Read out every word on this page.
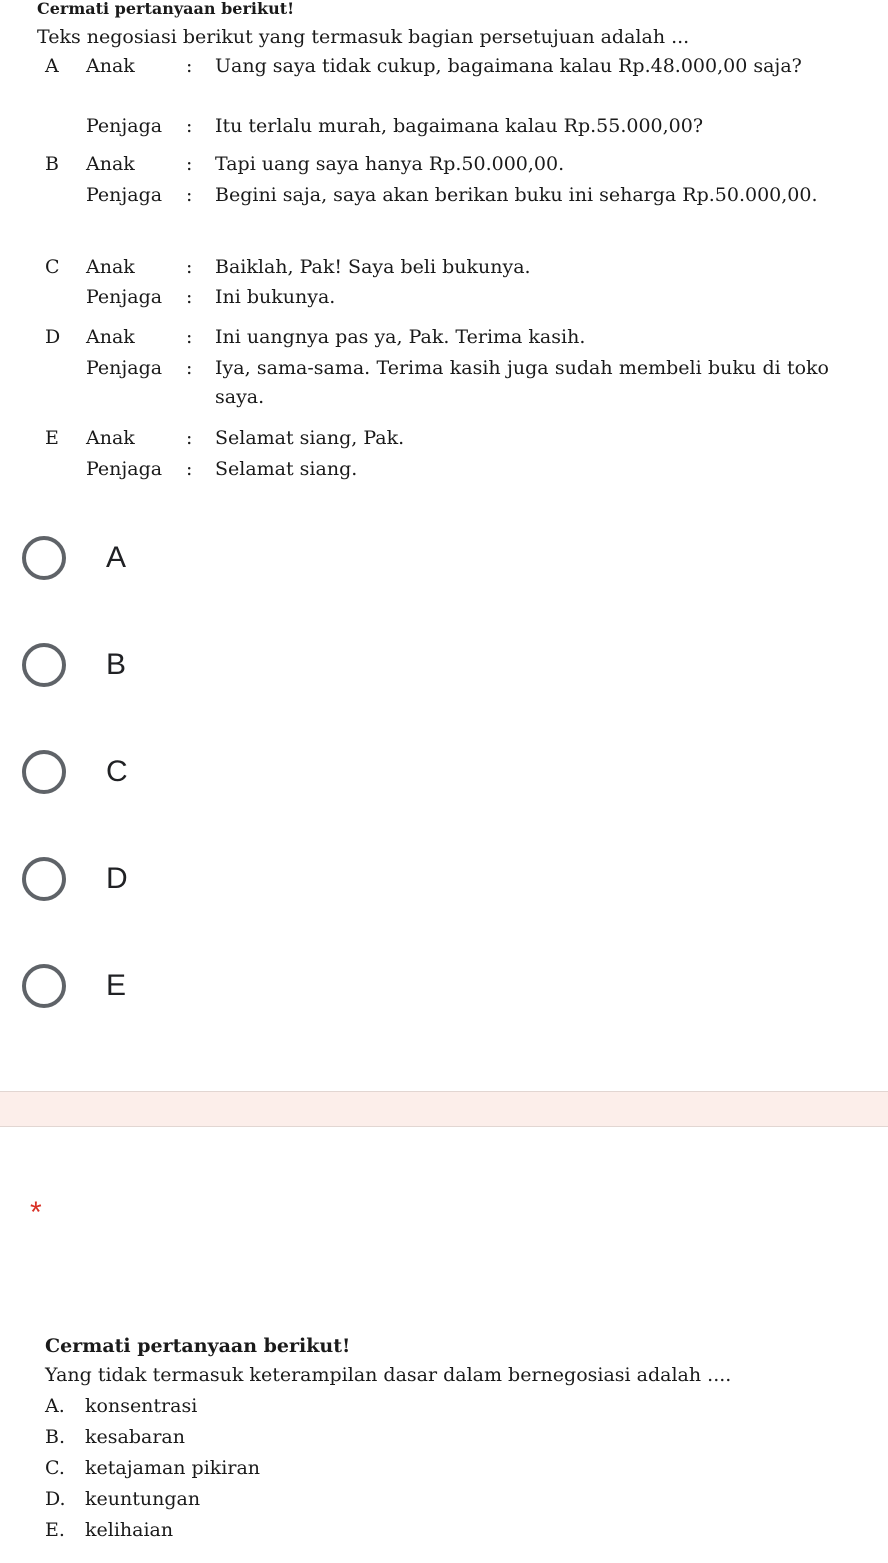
Cermati pertanyaan berikut!
Teks negosiasi berikut yang termasuk bagian persetujuan adalah ...
A	Anak	:	Uang saya tidak cukup, bagaimana kalau Rp.48.000,00 saja?
Penjaga	:	Itu terlalu murah, bagaimana kalau Rp.55.000,00?
B	Anak	:	Tapi uang saya hanya Rp.50.000,00.
Penjaga	:	Begini saja, saya akan berikan buku ini seharga Rp.50.000,00.
C	Anak	:	Baiklah, Pak! Saya beli bukunya.
Penjaga	:	Ini bukunya.
D	Anak	:	Ini uangnya pas ya, Pak. Terima kasih.
Penjaga	:	Iya, sama-sama. Terima kasih juga sudah membeli buku di toko saya.
E	Anak	:	Selamat siang, Pak.
Penjaga	:	Selamat siang.
A
B
C
D
E
*
Cermati pertanyaan berikut!
Yang tidak termasuk keterampilan dasar dalam bernegosiasi adalah ....
A. konsentrasi
B. kesabaran
C. ketajaman pikiran
D. keuntungan
E. kelihaian
